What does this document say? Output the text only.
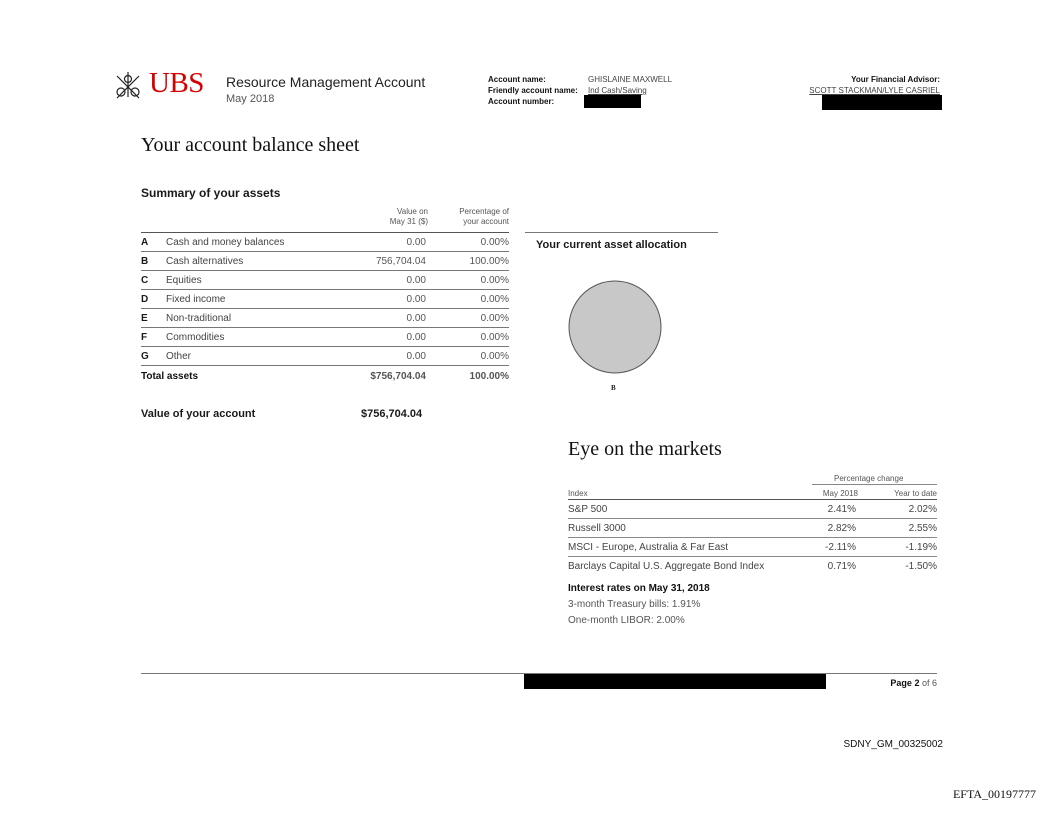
UBS Resource Management Account
May 2018
Account name:	GHISLAINE MAXWELL
Friendly account name: Ind Cash/Saving
Account number:
Your Financial Advisor:
SCOTT STACKMAN/LYLE CASRIEL
Your account balance sheet
Summary of your assets
Value on
May 31 ($)
Percentage of
your account
A Cash and money balances	0.00	0.00%
B Cash alternatives	756,704.04	100.00%
C Equities	0.00	0.00%
D Fixed income	0.00	0.00%
E Non-traditional	0.00	0.00%
F Commodities	0.00	0.00%
G Other	0.00	0.00%
Total assets	$756,704.04	100.00%
Value of your account	$756,704.04
Your current asset allocation
B
Eye on the markets
Percentage change
Index	May 2018	Year to date
S&P 500	2.41%	2.02%
Russell 3000	2.82%	2.55%
MSCI - Europe, Australia & Far East	-2.11%	-1.19%
Barclays Capital U.S. Aggregate Bond Index	0.71%	-1.50%
Interest rates on May 31, 2018
3-month Treasury bills: 1.91%
One-month LIBOR: 2.00%
Page 2 of 6
SDNY_GM_00325002
EFTA_00197777
